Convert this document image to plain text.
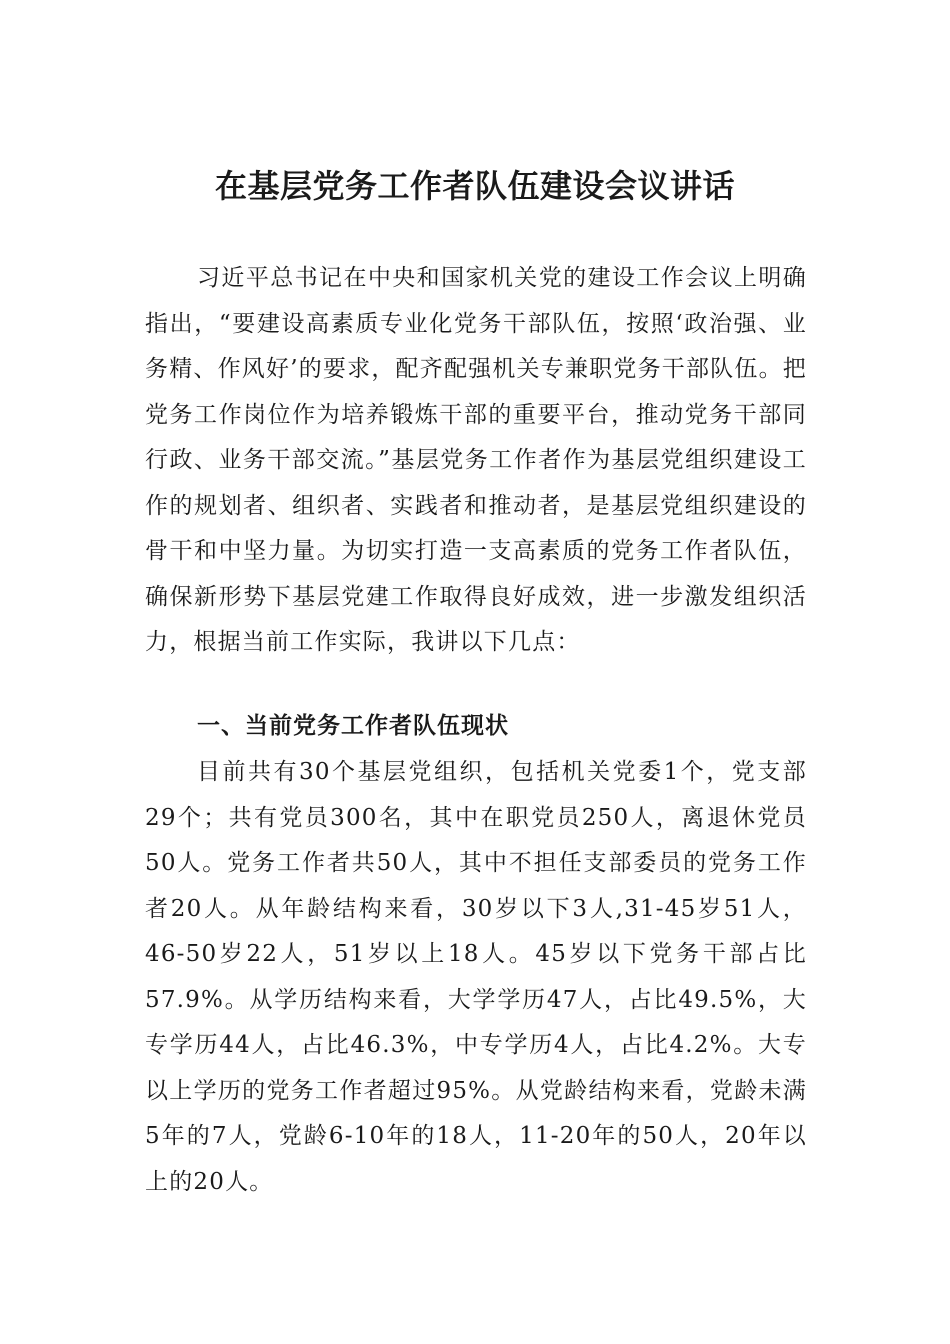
在基层党务工作者队伍建设会议讲话

习近平总书记在中央和国家机关党的建设工作会议上明确指出，“要建设高素质专业化党务干部队伍，按照‘政治强、业务精、作风好’的要求，配齐配强机关专兼职党务干部队伍。把党务工作岗位作为培养锻炼干部的重要平台，推动党务干部同行政、业务干部交流。”基层党务工作者作为基层党组织建设工作的规划者、组织者、实践者和推动者，是基层党组织建设的骨干和中坚力量。为切实打造一支高素质的党务工作者队伍，确保新形势下基层党建工作取得良好成效，进一步激发组织活力，根据当前工作实际，我讲以下几点：

一、当前党务工作者队伍现状

目前共有30个基层党组织，包括机关党委1个，党支部29个；共有党员300名，其中在职党员250人，离退休党员50人。党务工作者共50人，其中不担任支部委员的党务工作者20人。从年龄结构来看，30岁以下3人,31-45岁51人，46-50岁22人，51岁以上18人。45岁以下党务干部占比57.9%。从学历结构来看，大学学历47人，占比49.5%，大专学历44人，占比46.3%，中专学历4人，占比4.2%。大专以上学历的党务工作者超过95%。从党龄结构来看，党龄未满5年的7人，党龄6-10年的18人，11-20年的50人，20年以上的20人。
